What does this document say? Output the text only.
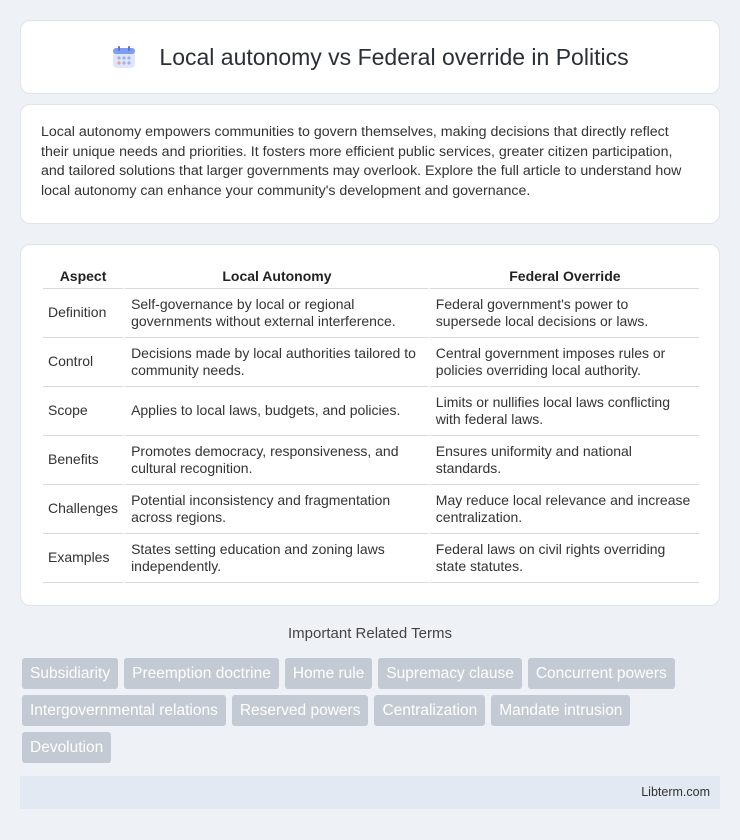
Local autonomy vs Federal override in Politics

Local autonomy empowers communities to govern themselves, making decisions that directly reflect their unique needs and priorities. It fosters more efficient public services, greater citizen participation, and tailored solutions that larger governments may overlook. Explore the full article to understand how local autonomy can enhance your community's development and governance.

Aspect	Local Autonomy	Federal Override
Definition	Self-governance by local or regional governments without external interference.	Federal government's power to supersede local decisions or laws.
Control	Decisions made by local authorities tailored to community needs.	Central government imposes rules or policies overriding local authority.
Scope	Applies to local laws, budgets, and policies.	Limits or nullifies local laws conflicting with federal laws.
Benefits	Promotes democracy, responsiveness, and cultural recognition.	Ensures uniformity and national standards.
Challenges	Potential inconsistency and fragmentation across regions.	May reduce local relevance and increase centralization.
Examples	States setting education and zoning laws independently.	Federal laws on civil rights overriding state statutes.
Important Related Terms
Subsidiarity	Preemption doctrine	Home rule	Supremacy clause	Concurrent powers
Intergovernmental relations	Reserved powers	Centralization	Mandate intrusion
Devolution
Libterm.com
